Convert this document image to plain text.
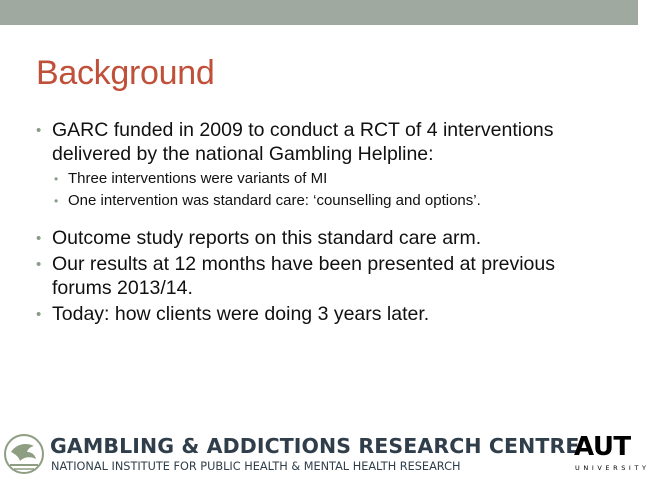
Background
• GARC funded in 2009 to conduct a RCT of 4 interventions delivered by the national Gambling Helpline:
• Three interventions were variants of MI
• One intervention was standard care: ‘counselling and options’.
• Outcome study reports on this standard care arm.
• Our results at 12 months have been presented at previous forums 2013/14.
• Today: how clients were doing 3 years later.
GAMBLING & ADDICTIONS RESEARCH CENTRE
NATIONAL INSTITUTE FOR PUBLIC HEALTH & MENTAL HEALTH RESEARCH
AUT
UNIVERSITY
